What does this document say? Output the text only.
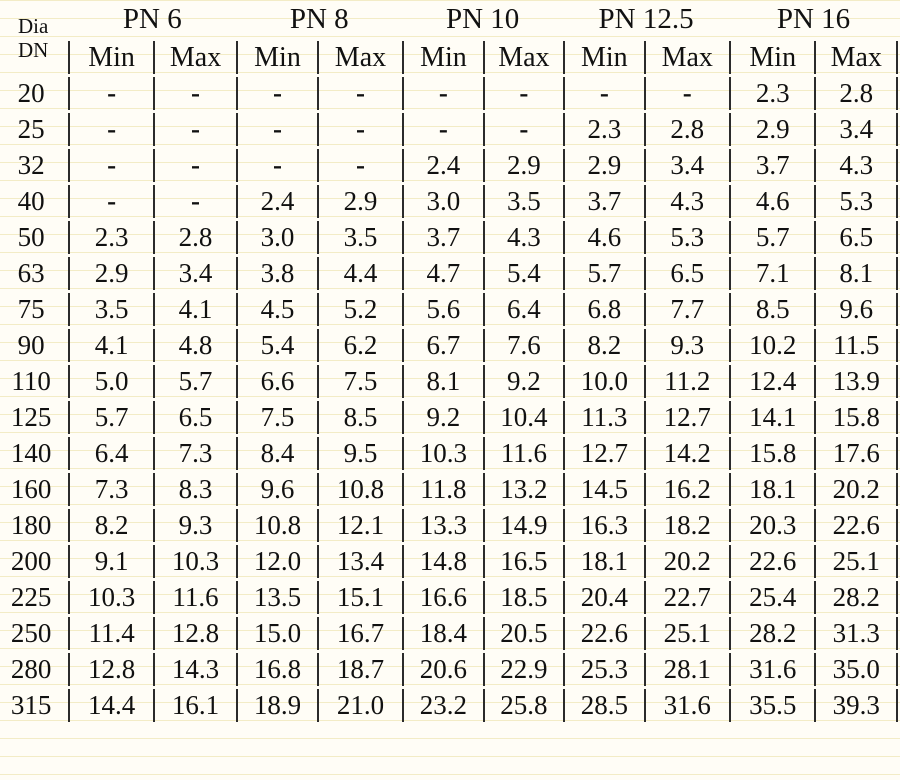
Dia
DN	PN 6		PN 8		PN 10		PN 12.5		PN 16	
	Min	Max	Min	Max	Min	Max	Min	Max	Min	Max
20	-	-	-	-	-	-	-	-	2.3	2.8
25	-	-	-	-	-	-	2.3	2.8	2.9	3.4
32	-	-	-	-	2.4	2.9	2.9	3.4	3.7	4.3
40	-	-	2.4	2.9	3.0	3.5	3.7	4.3	4.6	5.3
50	2.3	2.8	3.0	3.5	3.7	4.3	4.6	5.3	5.7	6.5
63	2.9	3.4	3.8	4.4	4.7	5.4	5.7	6.5	7.1	8.1
75	3.5	4.1	4.5	5.2	5.6	6.4	6.8	7.7	8.5	9.6
90	4.1	4.8	5.4	6.2	6.7	7.6	8.2	9.3	10.2	11.5
110	5.0	5.7	6.6	7.5	8.1	9.2	10.0	11.2	12.4	13.9
125	5.7	6.5	7.5	8.5	9.2	10.4	11.3	12.7	14.1	15.8
140	6.4	7.3	8.4	9.5	10.3	11.6	12.7	14.2	15.8	17.6
160	7.3	8.3	9.6	10.8	11.8	13.2	14.5	16.2	18.1	20.2
180	8.2	9.3	10.8	12.1	13.3	14.9	16.3	18.2	20.3	22.6
200	9.1	10.3	12.0	13.4	14.8	16.5	18.1	20.2	22.6	25.1
225	10.3	11.6	13.5	15.1	16.6	18.5	20.4	22.7	25.4	28.2
250	11.4	12.8	15.0	16.7	18.4	20.5	22.6	25.1	28.2	31.3
280	12.8	14.3	16.8	18.7	20.6	22.9	25.3	28.1	31.6	35.0
315	14.4	16.1	18.9	21.0	23.2	25.8	28.5	31.6	35.5	39.3
